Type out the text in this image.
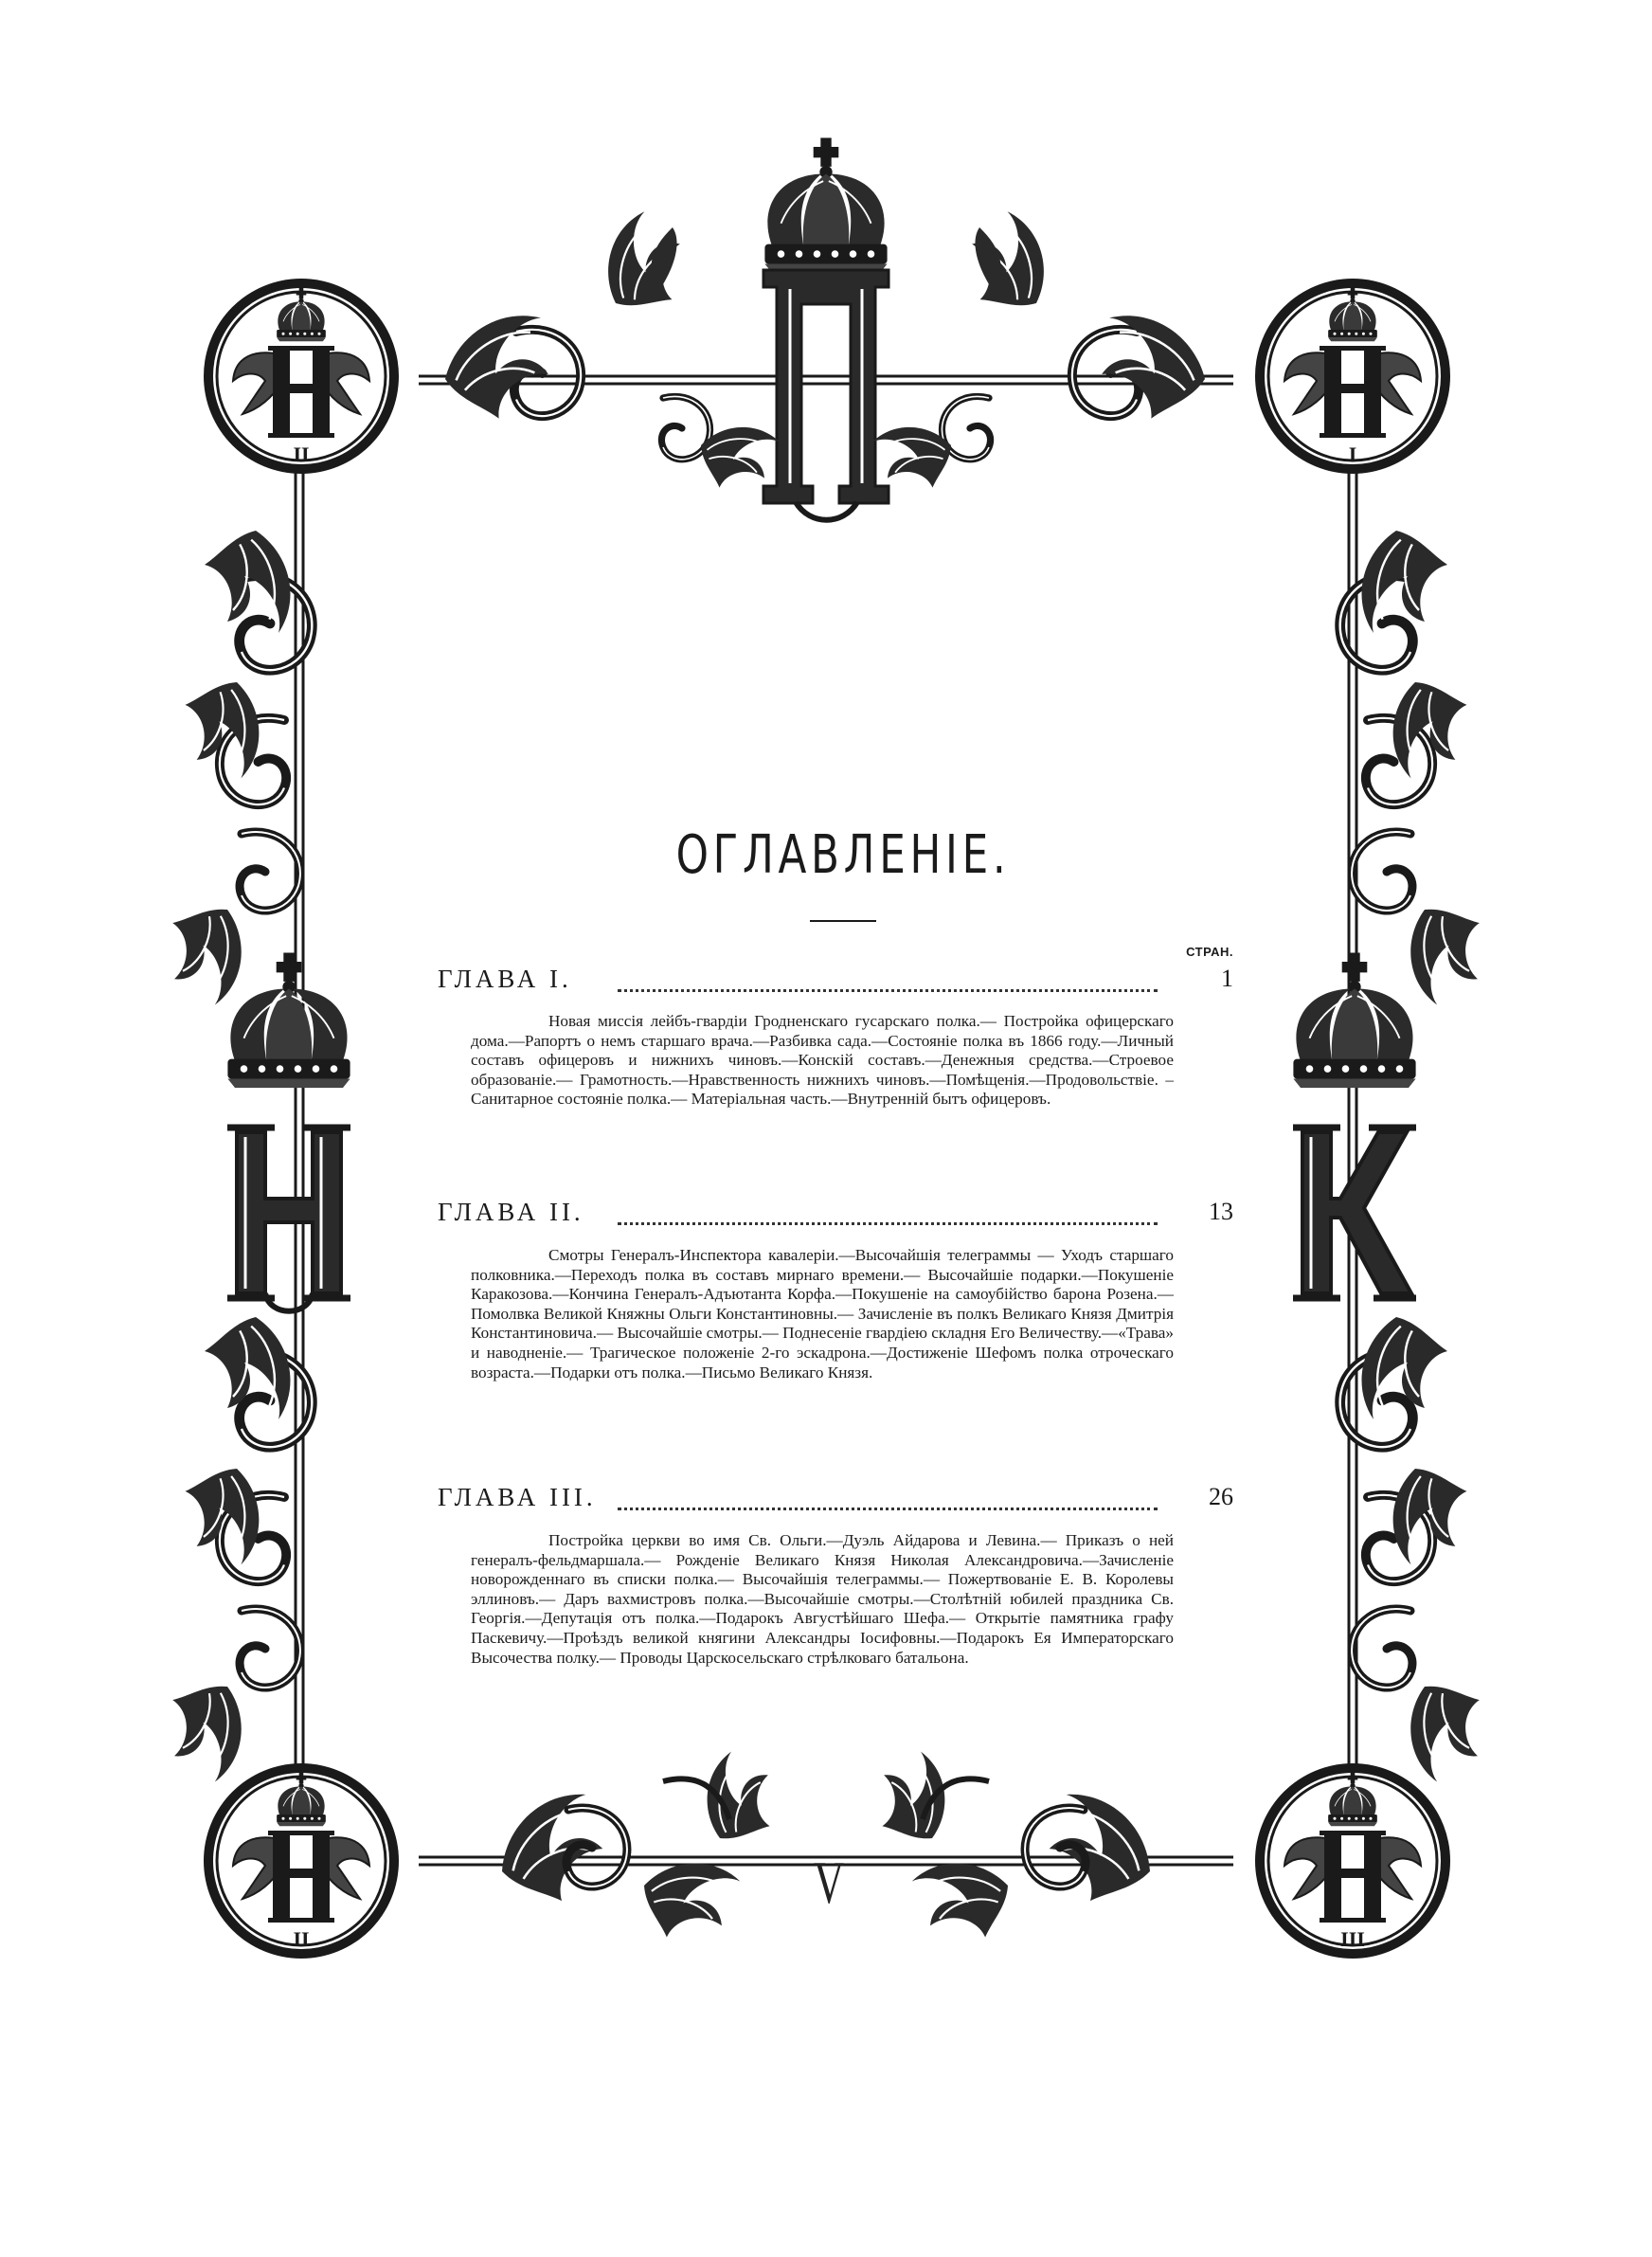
II	I
II	III
ОГЛАВЛЕНІЕ.
СТРАН.
ГЛАВА I.	1

Новая миссія лейбъ-гвардіи Гродненскаго гусарскаго полка.— Постройка офицерскаго дома.—Рапортъ о немъ старшаго врача.—Разбивка сада.—Состояніе полка въ 1866 году.—Личный составъ офицеровъ и нижнихъ чиновъ.—Конскій составъ.—Денежныя средства.—Строевое образованіе.— Грамотность.—Нравственность нижнихъ чиновъ.—Помѣщенія.—Продовольствіе. – Санитарное состояніе полка.— Матеріальная часть.—Внутренній бытъ офицеровъ.

ГЛАВА II.	13

Смотры Генералъ-Инспектора кавалеріи.—Высочайшія телеграммы — Уходъ старшаго полковника.—Переходъ полка въ составъ мирнаго времени.— Высочайшіе подарки.—Покушеніе Каракозова.—Кончина Генералъ-Адъютанта Корфа.—Покушеніе на самоубійство барона Розена.—Помолвка Великой Княжны Ольги Константиновны.— Зачисленіе въ полкъ Великаго Князя Дмитрія Константиновича.— Высочайшіе смотры.— Поднесеніе гвардіею складня Его Величеству.—«Трава» и наводненіе.— Трагическое положеніе 2-го эскадрона.—Достиженіе Шефомъ полка отроческаго возраста.—Подарки отъ полка.—Письмо Великаго Князя.

ГЛАВА III.	26

Постройка церкви во имя Св. Ольги.—Дуэль Айдарова и Левина.— Приказъ о ней генералъ-фельдмаршала.— Рожденіе Великаго Князя Николая Александровича.—Зачисленіе новорожденнаго въ списки полка.— Высочайшія телеграммы.— Пожертвованіе Е. В. Королевы эллиновъ.— Даръ вахмистровъ полка.—Высочайшіе смотры.—Столѣтній юбилей праздника Св. Георгія.—Депутація отъ полка.—Подарокъ Августѣйшаго Шефа.— Открытіе памятника графу Паскевичу.—Проѣздъ великой княгини Александры Іосифовны.—Подарокъ Ея Императорскаго Высочества полку.— Проводы Царскосельскаго стрѣлковаго батальона.

V
